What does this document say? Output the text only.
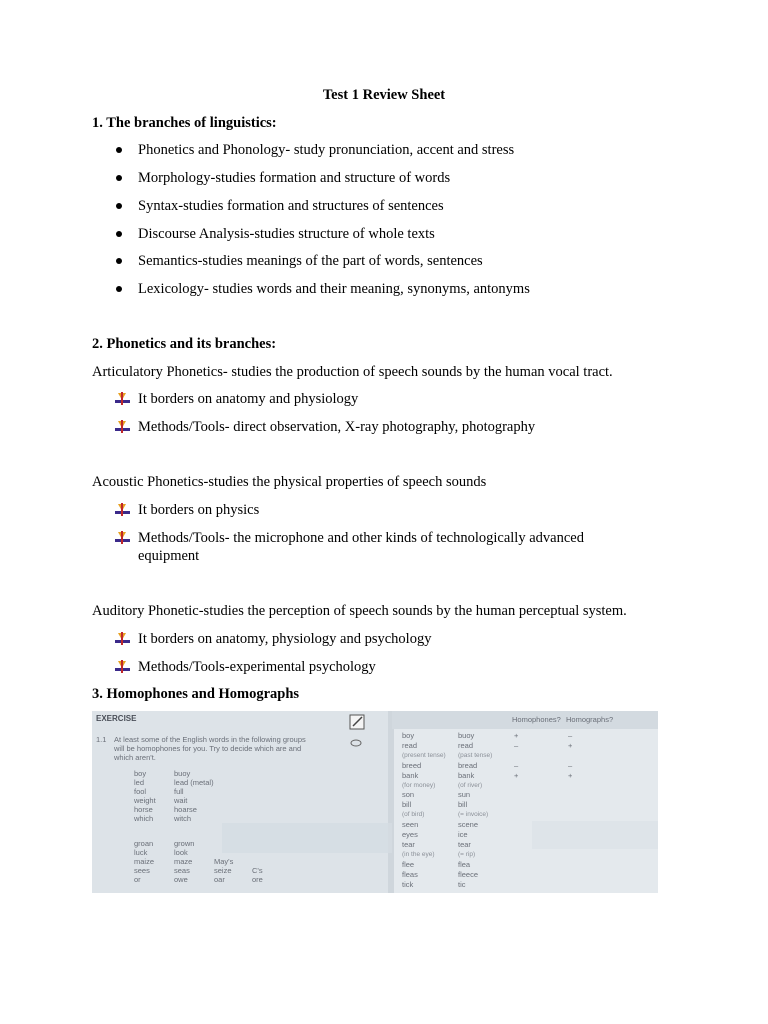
Test 1 Review Sheet
1. The branches of linguistics:
Phonetics and Phonology- study pronunciation, accent and stress
Morphology-studies formation and structure of words
Syntax-studies formation and structures of sentences
Discourse Analysis-studies structure of whole texts
Semantics-studies meanings of the part of words, sentences
Lexicology- studies words and their meaning, synonyms, antonyms
2. Phonetics and its branches:
Articulatory Phonetics- studies the production of speech sounds by the human vocal tract.
It borders on anatomy and physiology
Methods/Tools- direct observation, X-ray photography, photography
Acoustic Phonetics-studies the physical properties of speech sounds
It borders on physics
Methods/Tools- the microphone and other kinds of technologically advanced equipment
Auditory Phonetic-studies the perception of speech sounds by the human perceptual system.
It borders on anatomy, physiology and psychology
Methods/Tools-experimental psychology
3. Homophones and Homographs
EXERCISE
1.1 At least some of the English words in the following groups
will be homophones for you. Try to decide which are and
which aren't.
boy	buoy
led	lead (metal)
fool	full
weight wait
horse	hoarse
which	witch
groan	grown
luck	look
maize	maze	May's
sees	seas	seize	C's
or	owe	oar	ore
Homophones? Homographs?
boy	buoy	+	–
read	read	–	+
(present tense) (past tense)
breed	bread	–	–
bank	bank	+	+
(for money)	(of river)
son	sun
bill	bill
(of bird)	(= invoice)
seen	scene
eyes	ice
tear	tear
(in the eye)	(= rip)
flee	flea
fleas	fleece
tick	tic
